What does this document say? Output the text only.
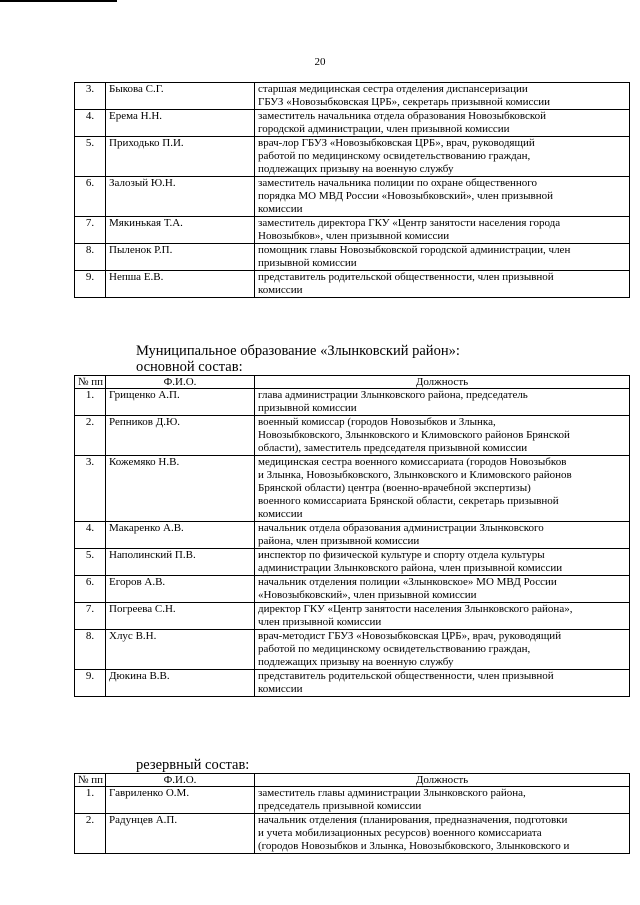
20
3.	Быкова С.Г.	старшая медицинская сестра отделения диспансеризации
ГБУЗ «Новозыбковская ЦРБ», секретарь призывной комиссии

4.	Ерема Н.Н.	заместитель начальника отдела образования Новозыбковской
городской администрации, член призывной комиссии

5.	Приходько П.И.	врач-лор ГБУЗ «Новозыбковская ЦРБ», врач, руководящий
работой по медицинскому освидетельствованию граждан,
подлежащих призыву на военную службу

6.	Залозый Ю.Н.	заместитель начальника полиции по охране общественного
порядка МО МВД России «Новозыбковский», член призывной
комиссии

7.	Мякинькая Т.А.	заместитель директора ГКУ «Центр занятости населения города
Новозыбков», член призывной комиссии

8.	Пыленок Р.П.	помощник главы Новозыбковской городской администрации, член
призывной комиссии

9.	Непша Е.В.	представитель родительской общественности, член призывной
комиссии
Муниципальное образование «Злынковский район»:
основной состав:
№ пп	Ф.И.О.	Должность
1.	Грищенко А.П.	глава администрации Злынковского района, председатель
призывной комиссии

2.	Репников Д.Ю.	военный комиссар (городов Новозыбков и Злынка,
Новозыбковского, Злынковского и Климовского районов Брянской
области), заместитель председателя призывной комиссии

3.	Кожемяко Н.В.	медицинская сестра военного комиссариата (городов Новозыбков
и Злынка, Новозыбковского, Злынковского и Климовского районов
Брянской области) центра (военно-врачебной экспертизы)
военного комиссариата Брянской области, секретарь призывной
комиссии

4.	Макаренко А.В.	начальник отдела образования администрации Злынковского
района, член призывной комиссии

5.	Наполинский П.В.	инспектор по физической культуре и спорту отдела культуры
администрации Злынковского района, член призывной комиссии

6.	Егоров А.В.	начальник отделения полиции «Злынковское» МО МВД России
«Новозыбковский», член призывной комиссии

7.	Погреева С.Н.	директор ГКУ «Центр занятости населения Злынковского района»,
член призывной комиссии

8.	Хлус В.Н.	врач-методист ГБУЗ «Новозыбковская ЦРБ», врач, руководящий
работой по медицинскому освидетельствованию граждан,
подлежащих призыву на военную службу

9.	Дюкина В.В.	представитель родительской общественности, член призывной
комиссии
резервный состав:
№ пп	Ф.И.О.	Должность
1.	Гавриленко О.М.	заместитель главы администрации Злынковского района,
председатель призывной комиссии

2.	Радунцев А.П.	начальник отделения (планирования, предназначения, подготовки
и учета мобилизационных ресурсов) военного комиссариата
(городов Новозыбков и Злынка, Новозыбковского, Злынковского и
